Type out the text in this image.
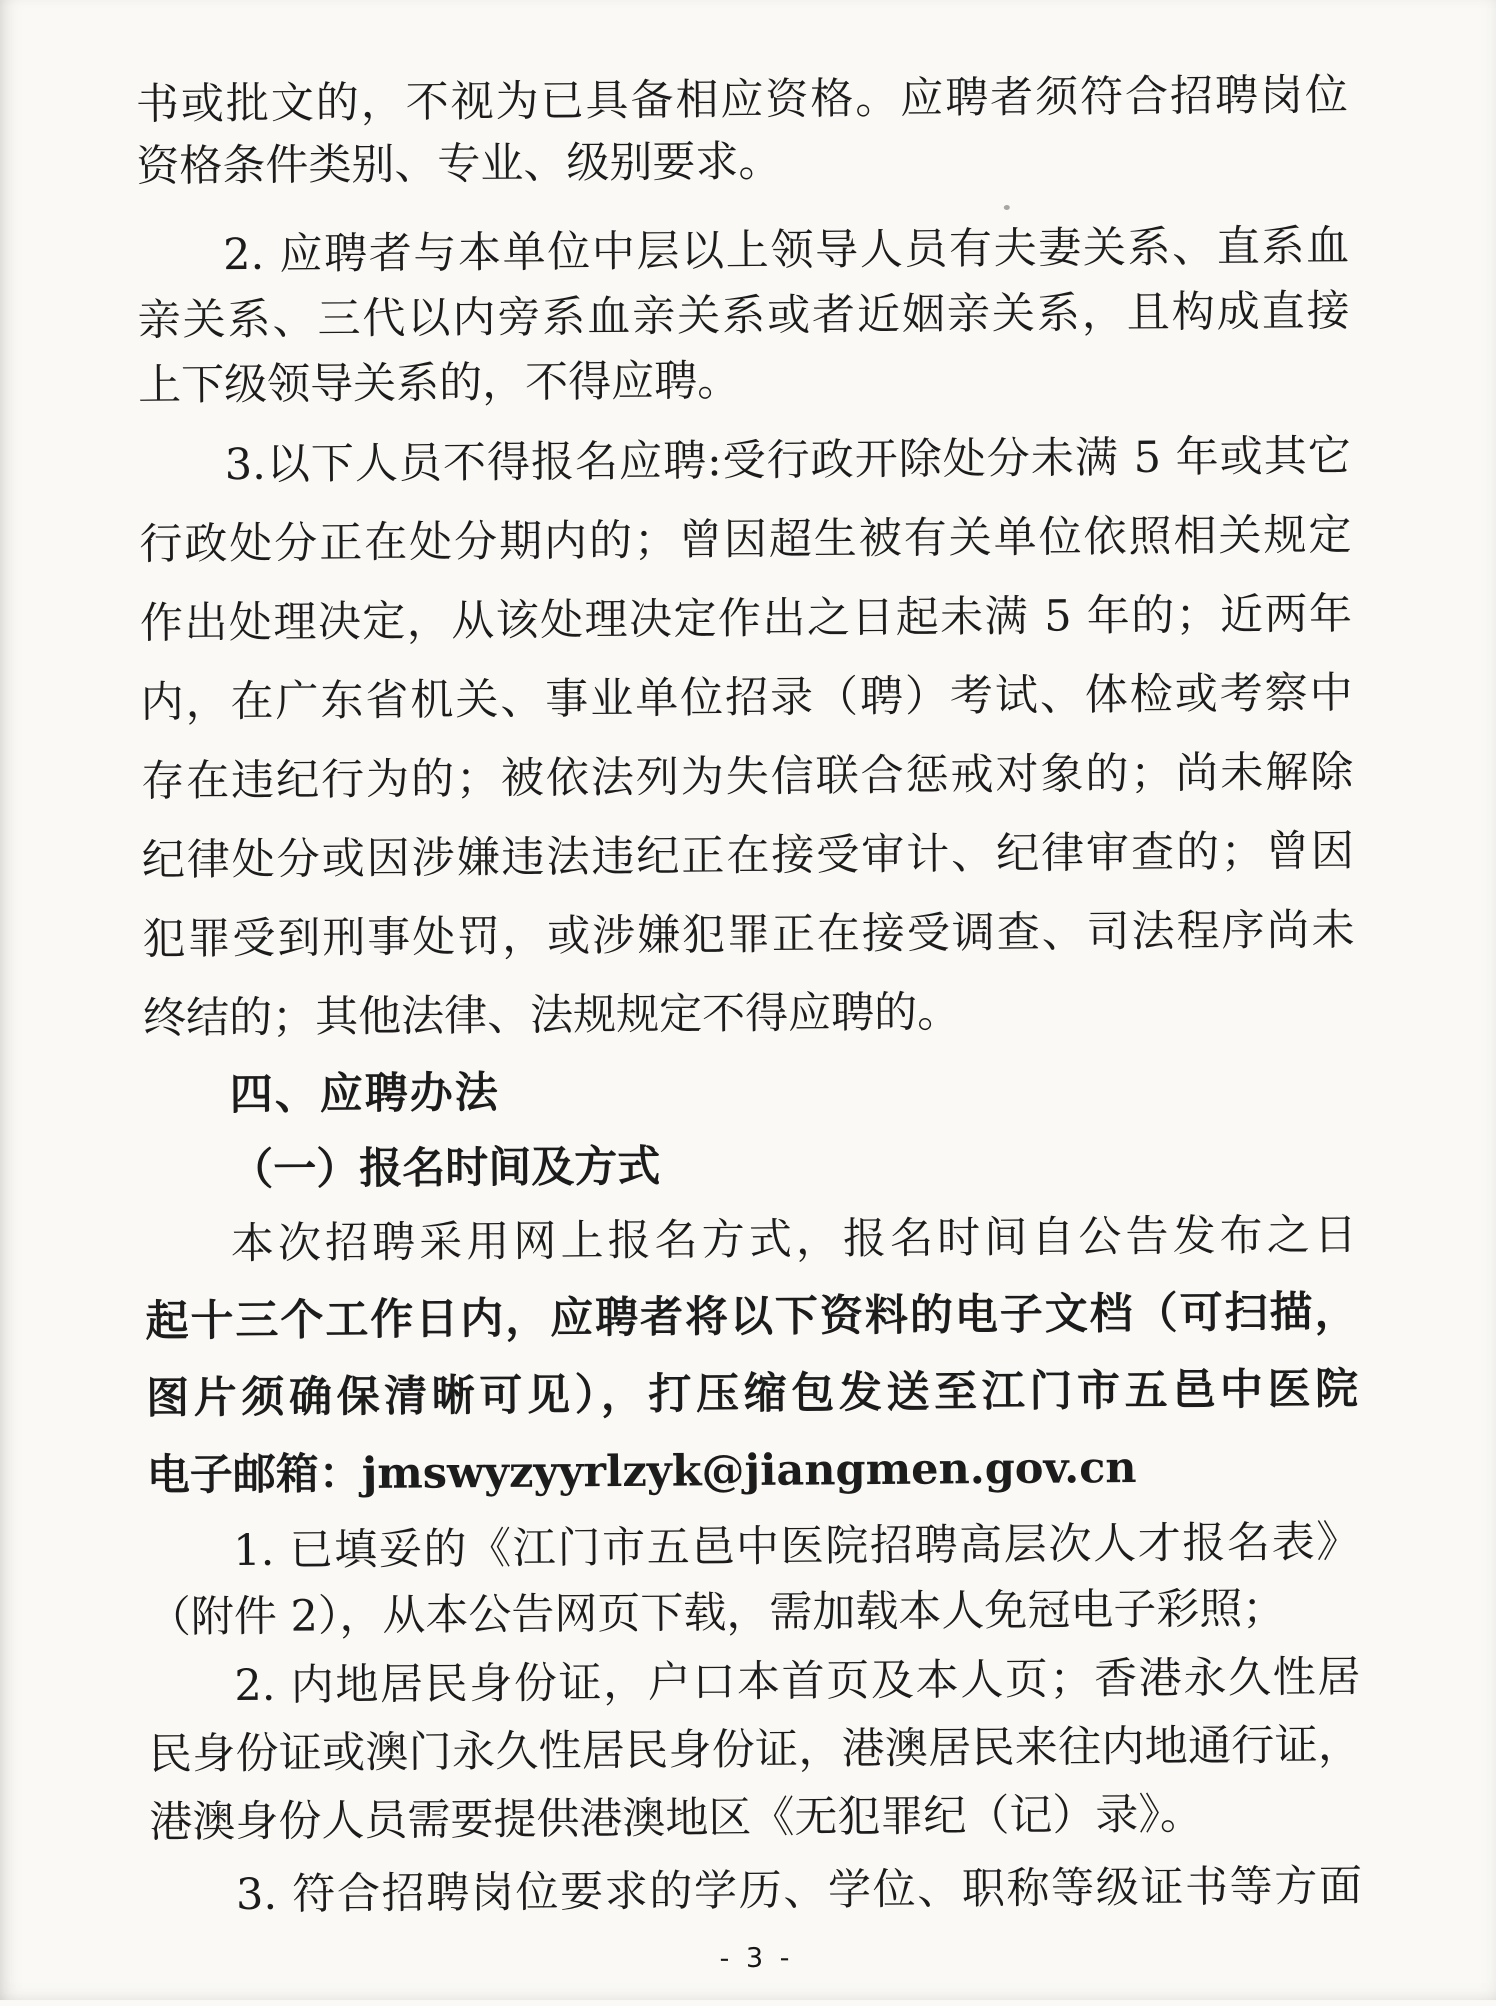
书或批文的，不视为已具备相应资格。应聘者须符合招聘岗位
资格条件类别、专业、级别要求。
2. 应聘者与本单位中层以上领导人员有夫妻关系、直系血
亲关系、三代以内旁系血亲关系或者近姻亲关系，且构成直接
上下级领导关系的，不得应聘。
3.以下人员不得报名应聘:受行政开除处分未满 5 年或其它
行政处分正在处分期内的；曾因超生被有关单位依照相关规定
作出处理决定，从该处理决定作出之日起未满 5 年的；近两年
内，在广东省机关、事业单位招录（聘）考试、体检或考察中
存在违纪行为的；被依法列为失信联合惩戒对象的；尚未解除
纪律处分或因涉嫌违法违纪正在接受审计、纪律审查的；曾因
犯罪受到刑事处罚，或涉嫌犯罪正在接受调查、司法程序尚未
终结的；其他法律、法规规定不得应聘的。
四、应聘办法
（一）报名时间及方式
本次招聘采用网上报名方式，报名时间自公告发布之日
起十三个工作日内，应聘者将以下资料的电子文档（可扫描，
图片须确保清晰可见），打压缩包发送至江门市五邑中医院
电子邮箱：jmswyzyyrlzyk@jiangmen.gov.cn
1. 已填妥的《江门市五邑中医院招聘高层次人才报名表》
（附件 2），从本公告网页下载，需加载本人免冠电子彩照；
2. 内地居民身份证，户口本首页及本人页；香港永久性居
民身份证或澳门永久性居民身份证，港澳居民来往内地通行证，
港澳身份人员需要提供港澳地区《无犯罪纪（记）录》。
3. 符合招聘岗位要求的学历、学位、职称等级证书等方面
- 3 -
